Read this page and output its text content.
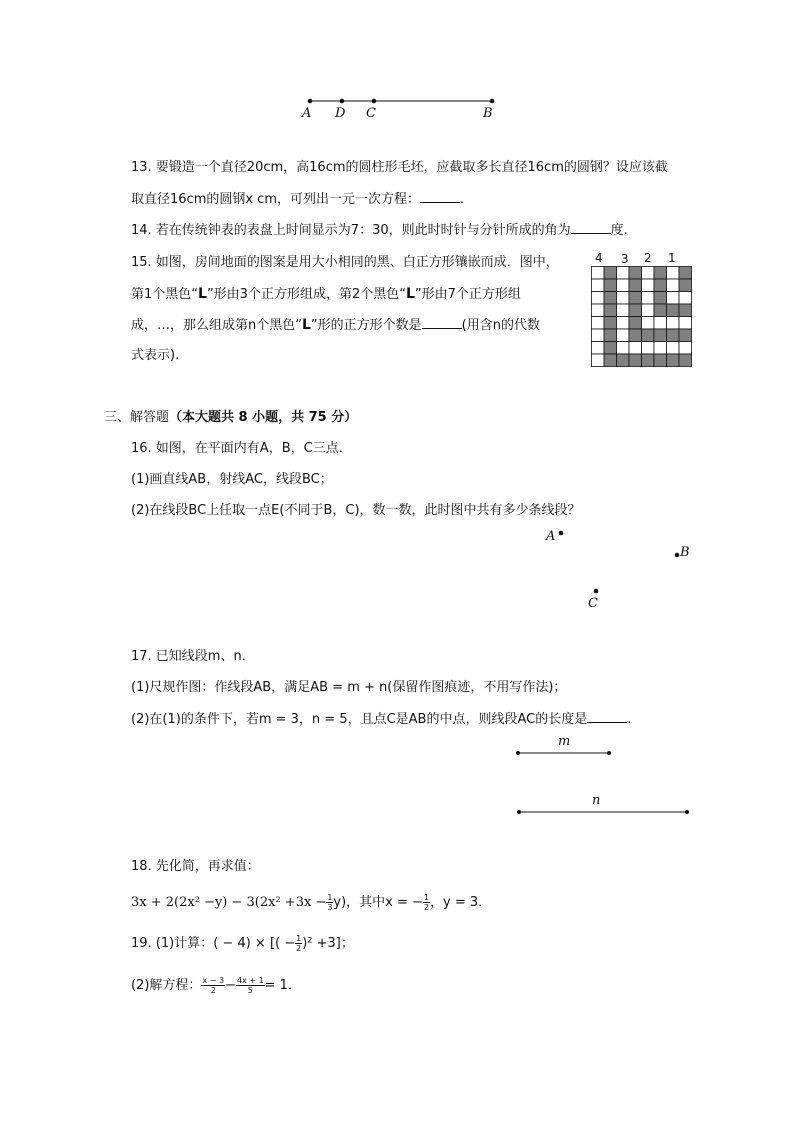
A D C	B
13. 要锻造一个直径20cm，高16cm的圆柱形毛坯，应截取多长直径16cm的圆钢？设应该截
取直径16cm的圆钢x cm，可列出一元一次方程：	.
14. 若在传统钟表的表盘上时间显示为7：30，则此时时针与分针所成的角为	度.
15. 如图，房间地面的图案是用大小相同的黑、白正方形镶嵌而成．图中，
第1个黑色“L”形由3个正方形组成，第2个黑色“L”形由7个正方形组
成，…，那么组成第n个黑色“L”形的正方形个数是	(用含n的代数
式表示).
4 3 2 1
三、解答题（本大题共 8 小题，共 75 分）
16. 如图，在平面内有A，B，C三点．
(1)画直线AB，射线AC，线段BC；
(2)在线段BC上任取一点E(不同于B，C)，数一数，此时图中共有多少条线段？
A
B
C
17. 已知线段m、n．
(1)尺规作图：作线段AB，满足AB = m + n(保留作图痕迹，不用写作法)；
(2)在(1)的条件下，若m = 3，n = 5，且点C是AB的中点，则线段AC的长度是	.
m
n
18. 先化简，再求值：
$3x + 2(2x^2 -y) - 3(2x^2 +3x - \frac{1}{3} y)$，其中x = − $\frac{1}{2}$ ，y = 3．
19. (1)计算：( − 4) × [( − $\frac{1}{2} )^2 +3$]；
(2)解方程： $\frac{x - 3}{2} - \frac{4x + 1}{5} = 1$．
